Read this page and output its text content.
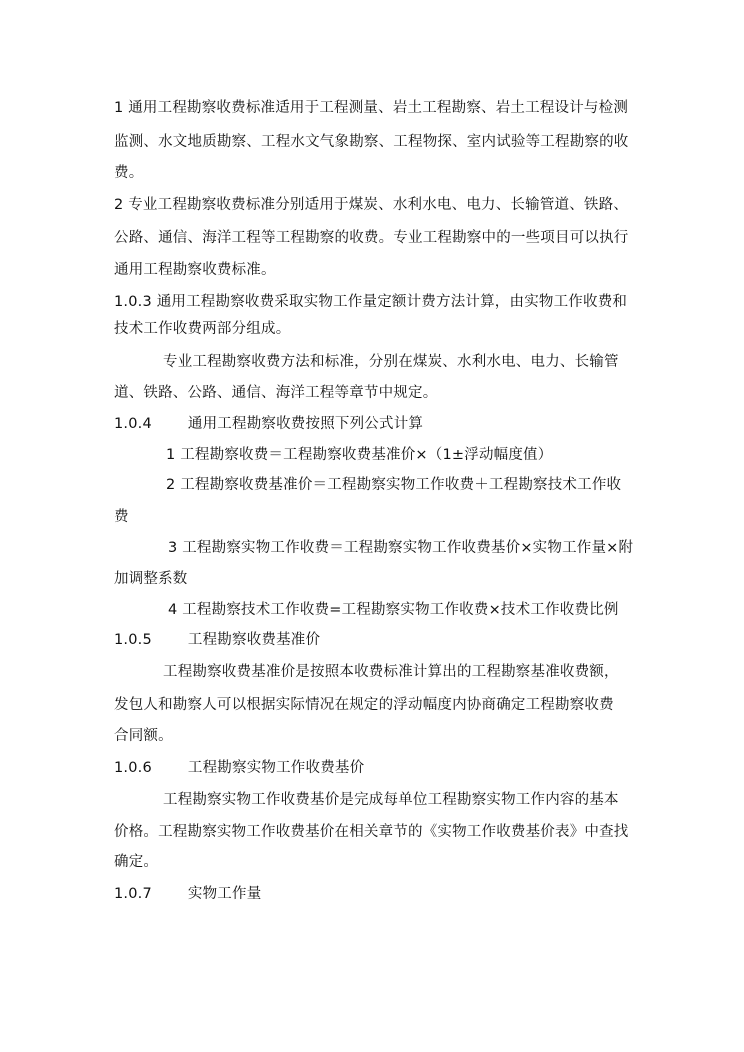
1 通用工程勘察收费标准适用于工程测量、岩土工程勘察、岩土工程设计与检测
监测、水文地质勘察、工程水文气象勘察、工程物探、室内试验等工程勘察的收
费。
2 专业工程勘察收费标准分别适用于煤炭、水利水电、电力、长输管道、铁路、
公路、通信、海洋工程等工程勘察的收费。专业工程勘察中的一些项目可以执行
通用工程勘察收费标准。
1.0.3 通用工程勘察收费采取实物工作量定额计费方法计算，由实物工作收费和
技术工作收费两部分组成。
专业工程勘察收费方法和标准，分别在煤炭、水利水电、电力、长输管
道、铁路、公路、通信、海洋工程等章节中规定。
1.0.4 通用工程勘察收费按照下列公式计算
1 工程勘察收费＝工程勘察收费基准价×（1±浮动幅度值）
2 工程勘察收费基准价＝工程勘察实物工作收费＋工程勘察技术工作收
费
3 工程勘察实物工作收费＝工程勘察实物工作收费基价×实物工作量×附
加调整系数
4 工程勘察技术工作收费=工程勘察实物工作收费×技术工作收费比例
1.0.5 工程勘察收费基准价
工程勘察收费基准价是按照本收费标准计算出的工程勘察基准收费额，
发包人和勘察人可以根据实际情况在规定的浮动幅度内协商确定工程勘察收费
合同额。
1.0.6 工程勘察实物工作收费基价
工程勘察实物工作收费基价是完成每单位工程勘察实物工作内容的基本
价格。工程勘察实物工作收费基价在相关章节的《实物工作收费基价表》中查找
确定。
1.0.7 实物工作量
